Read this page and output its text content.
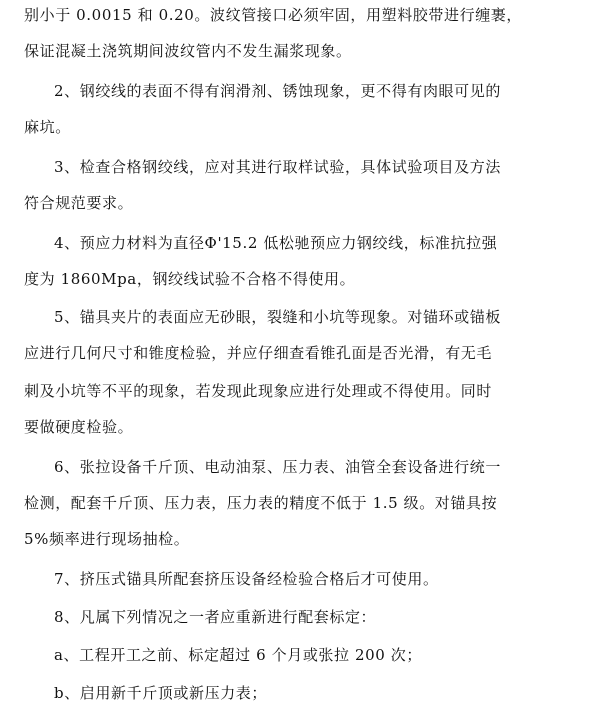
别小于 0.0015 和 0.20。波纹管接口必须牢固，用塑料胶带进行缠裹，
保证混凝土浇筑期间波纹管内不发生漏浆现象。
2、钢绞线的表面不得有润滑剂、锈蚀现象，更不得有肉眼可见的
麻坑。
3、检查合格钢绞线，应对其进行取样试验，具体试验项目及方法
符合规范要求。
4、预应力材料为直径Φ'15.2 低松驰预应力钢绞线，标准抗拉强
度为 1860Mpa，钢绞线试验不合格不得使用。
5、锚具夹片的表面应无砂眼，裂缝和小坑等现象。对锚环或锚板
应进行几何尺寸和锥度检验，并应仔细查看锥孔面是否光滑，有无毛
刺及小坑等不平的现象，若发现此现象应进行处理或不得使用。同时
要做硬度检验。
6、张拉设备千斤顶、电动油泵、压力表、油管全套设备进行统一
检测，配套千斤顶、压力表，压力表的精度不低于 1.5 级。对锚具按
5%频率进行现场抽检。
7、挤压式锚具所配套挤压设备经检验合格后才可使用。
8、凡属下列情况之一者应重新进行配套标定：
a、工程开工之前、标定超过 6 个月或张拉 200 次；
b、启用新千斤顶或新压力表；
